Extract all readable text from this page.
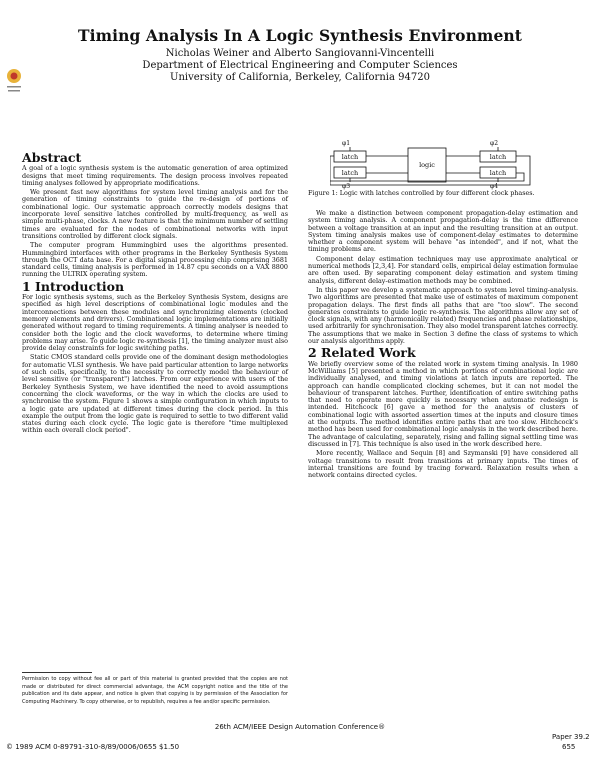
Timing Analysis In A Logic Synthesis Environment
Nicholas Weiner and Alberto Sangiovanni-Vincentelli
Department of Electrical Engineering and Computer Sciences
University of California, Berkeley, California 94720
Abstract

A goal of a logic synthesis system is the automatic generation of area optimized designs that meet timing requirements. The design process involves repeated timing analyses followed by appropriate modifications.

We present fast new algorithms for system level timing analysis and for the generation of timing constraints to guide the re-design of portions of combinational logic. Our systematic approach correctly models designs that incorporate level sensitive latches controlled by multi-frequency, as well as simple multi-phase, clocks. A new feature is that the minimum number of settling times are evaluated for the nodes of combinational networks with input transitions controlled by different clock signals.

The computer program Hummingbird uses the algorithms presented. Hummingbird interfaces with other programs in the Berkeley Synthesis System through the OCT data base. For a digital signal processing chip comprising 3681 standard cells, timing analysis is performed in 14.87 cpu seconds on a VAX 8800 running the ULTRIX operating system.

1 Introduction

For logic synthesis systems, such as the Berkeley Synthesis System, designs are specified as high level descriptions of combinational logic modules and the interconnections between these modules and synchronizing elements (clocked memory elements and drivers). Combinational logic implementations are initially generated without regard to timing requirements. A timing analyser is needed to consider both the logic and the clock waveforms, to determine where timing problems may arise. To guide logic re-synthesis [1], the timing analyzer must also provide delay constraints for logic switching paths.

Static CMOS standard cells provide one of the dominant design methodologies for automatic VLSI synthesis. We have paid particular attention to large networks of such cells, specifically, to the necessity to correctly model the behaviour of level sensitive (or "transparent") latches. From our experience with users of the Berkeley Synthesis System, we have identified the need to avoid assumptions concerning the clock waveforms, or the way in which the clocks are used to synchronise the system. Figure 1 shows a simple configuration in which inputs to a logic gate are updated at different times during the clock period. In this example the output from the logic gate is required to settle to two different valid states during each clock cycle. The logic gate is therefore "time multiplexed within each overall clock period".

Permission to copy without fee all or part of this material is granted provided that the copies are not made or distributed for direct commercial advantage, the ACM copyright notice and the title of the publication and its date appear, and notice is given that copying is by permission of the Association for Computing Machinery. To copy otherwise, or to republish, requires a fee and/or specific permission.
φ1	φ2
φ3	φ4
latch
latch
latch
latch
logic
Figure 1: Logic with latches controlled by four different clock phases.

We make a distinction between component propagation-delay estimation and system timing analysis. A component propagation-delay is the time difference between a voltage transition at an input and the resulting transition at an output. System timing analysis makes use of component-delay estimates to determine whether a component system will behave "as intended", and if not, what the timing problems are.

Component delay estimation techniques may use approximate analytical or numerical methods [2,3,4]. For standard cells, empirical delay estimation formulae are often used. By separating component delay estimation and system timing analysis, different delay-estimation methods may be combined.

In this paper we develop a systematic approach to system level timing-analysis. Two algorithms are presented that make use of estimates of maximum component propagation delays. The first finds all paths that are "too slow". The second generates constraints to guide logic re-synthesis. The algorithms allow any set of clock signals, with any (harmonically related) frequencies and phase relationships, used arbitrarily for synchronisation. They also model transparent latches correctly. The assumptions that we make in Section 3 define the class of systems to which our analysis algorithms apply.

2 Related Work

We briefly overview some of the related work in system timing analysis. In 1980 McWilliams [5] presented a method in which portions of combinational logic are individually analysed, and timing violations at latch inputs are reported. The approach can handle complicated clocking schemes, but it can not model the behaviour of transparent latches. Further, identification of entire switching paths that need to operate more quickly is necessary when automatic redesign is intended. Hitchcock [6] gave a method for the analysis of clusters of combinational logic with assorted assertion times at the inputs and closure times at the outputs. The method identifies entire paths that are too slow. Hitchcock's method has been used for combinational logic analysis in the work described here. The advantage of calculating, separately, rising and falling signal settling time was discussed in [7]. This technique is also used in the work described here.

More recently, Wallace and Sequin [8] and Szymanski [9] have considered all voltage transitions to result from transitions at primary inputs. The times of internal transitions are found by tracing forward. Relaxation results when a network contains directed cycles.

26th ACM/IEEE Design Automation Conference®
© 1989 ACM 0-89791-310-8/89/0006/0655 $1.50
Paper 39.2
655
